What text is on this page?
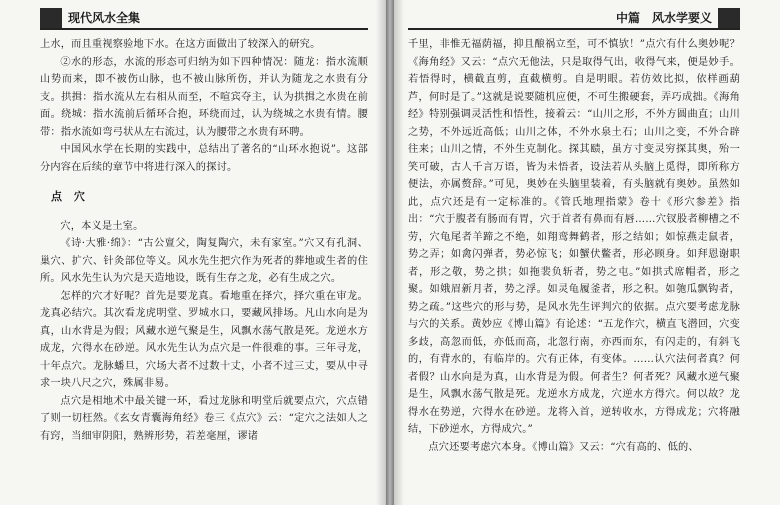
现代风水全集

上水，而且重视察验地下水。在这方面做出了较深入的研究。

②水的形态，水流的形态可归纳为如下四种情况：随龙：指水流顺山势而来，即不被伤山脉，也不被山脉所伤，并认为随龙之水贵有分支。拱揖：指水流从左右相从而至，不喧宾夺主，认为拱揖之水贵在前面。绕城：指水流前后循环合抱，环绕而过，认为绕城之水贵有情。腰带：指水流如弯弓状从左右流过，认为腰带之水贵有环聘。

中国风水学在长期的实践中，总结出了著名的“山环水抱说”。这部分内容在后续的章节中将进行深入的探讨。

点 穴

穴，本义是土室。

《诗·大雅·绵》：“古公亶父，陶复陶穴，未有家室。”穴又有孔洞、巢穴、扩穴、针灸部位等义。风水先生把穴作为死者的葬地或生者的住所。风水先生认为穴是天造地设，既有生存之龙，必有生成之穴。

怎样的穴才好呢？首先是要龙真。看地重在择穴，择穴重在审龙。龙真必结穴。其次看龙虎明堂、罗城水口，要藏风排场。凡山水向是为真，山水背是为假；风藏水逆气聚是生，风飘水荡气散是死。龙逆水方成龙，穴得水在砂逆。风水先生认为点穴是一件很难的事。三年寻龙，十年点穴。龙脉蟠旦，穴场大者不过数十丈，小者不过三丈，要从中寻求一块八尺之穴，殊属非易。

点穴是相地术中最关键一环，看过龙脉和明堂后就要点穴，穴点错了则一切枉然。《玄女青囊海角经》卷三《点穴》云：“定穴之法如人之有窍，当细审阴阳，熟辨形势，若差毫厘，谬诸

中篇　风水学要义

千里，非惟无福荫福，抑且酿祸立至，可不慎欤！”点穴有什么奥妙呢？《海角经》又云：“点穴无他法，只是取得气出，收得气来，便是妙手。若悟得时，横截直剪，直截横剪。自是明眼。若仿效比拟，依样画葫芦，何时是了。”这就是说要随机应便，不可生搬硬套，弄巧成拙。《海角经》特别强调灵活性和悟性，接着云：“山川之形，不外方圆曲直；山川之势，不外远近高低；山川之体，不外水泉土石；山川之变，不外合辟往来；山川之情，不外生克制化。探其赜，虽方寸变灵穷探其奥，殆一笑可破，古人千言万语，皆为未悟者，设法若从头脑上觅得，即所称方便法，亦属赘辞。”可见，奥妙在头脑里装着，有头脑就有奥妙。虽然如此，点穴还是有一定标准的。《管氏地理指蒙》卷十《形穴参差》指出：“穴于腹者有肠而有胃，穴于首者有鼻而有唇……穴钗股者柳槽之不劳，穴龟尾者羊蹄之不绝，如翔鸾舞鹤者，形之结如；如惊燕走鼠者，势之弄；如禽闪弹者，势必惊飞；如蟹伏鳖者，形必顾身。如拜恩谢职者，形之敬，势之拱；如拖裴负斩者，势之屯。”如拱式席帽者，形之聚。如娥眉新月者，势之浮。如灵龟履釜者，形之积。如匏瓜飘钩者，势之疏。”这些穴的形与势，是风水先生评判穴的依据。点穴要考虑龙脉与穴的关系。黄妙应《博山篇》有论述：“五龙作穴，横直飞潜回，穴变多歧，高忽而低，亦低而高，北忽行南，亦西而东，有闪走的，有斜飞的，有背水的，有临岸的。穴有正体，有变体。……认穴法何者真？何者假？山水向是为真，山水背是为假。何者生？何者死？风藏水逆气聚是生，风飘水荡气散是死。龙逆水方成龙，穴逆水方得穴。何以故？龙得水在势逆，穴得水在砂逆。龙将入首，逆转收水，方得成龙；穴将融结，下砂逆水，方得成穴。”

点穴还要考虑穴本身。《博山篇》又云：“穴有高的、低的、
